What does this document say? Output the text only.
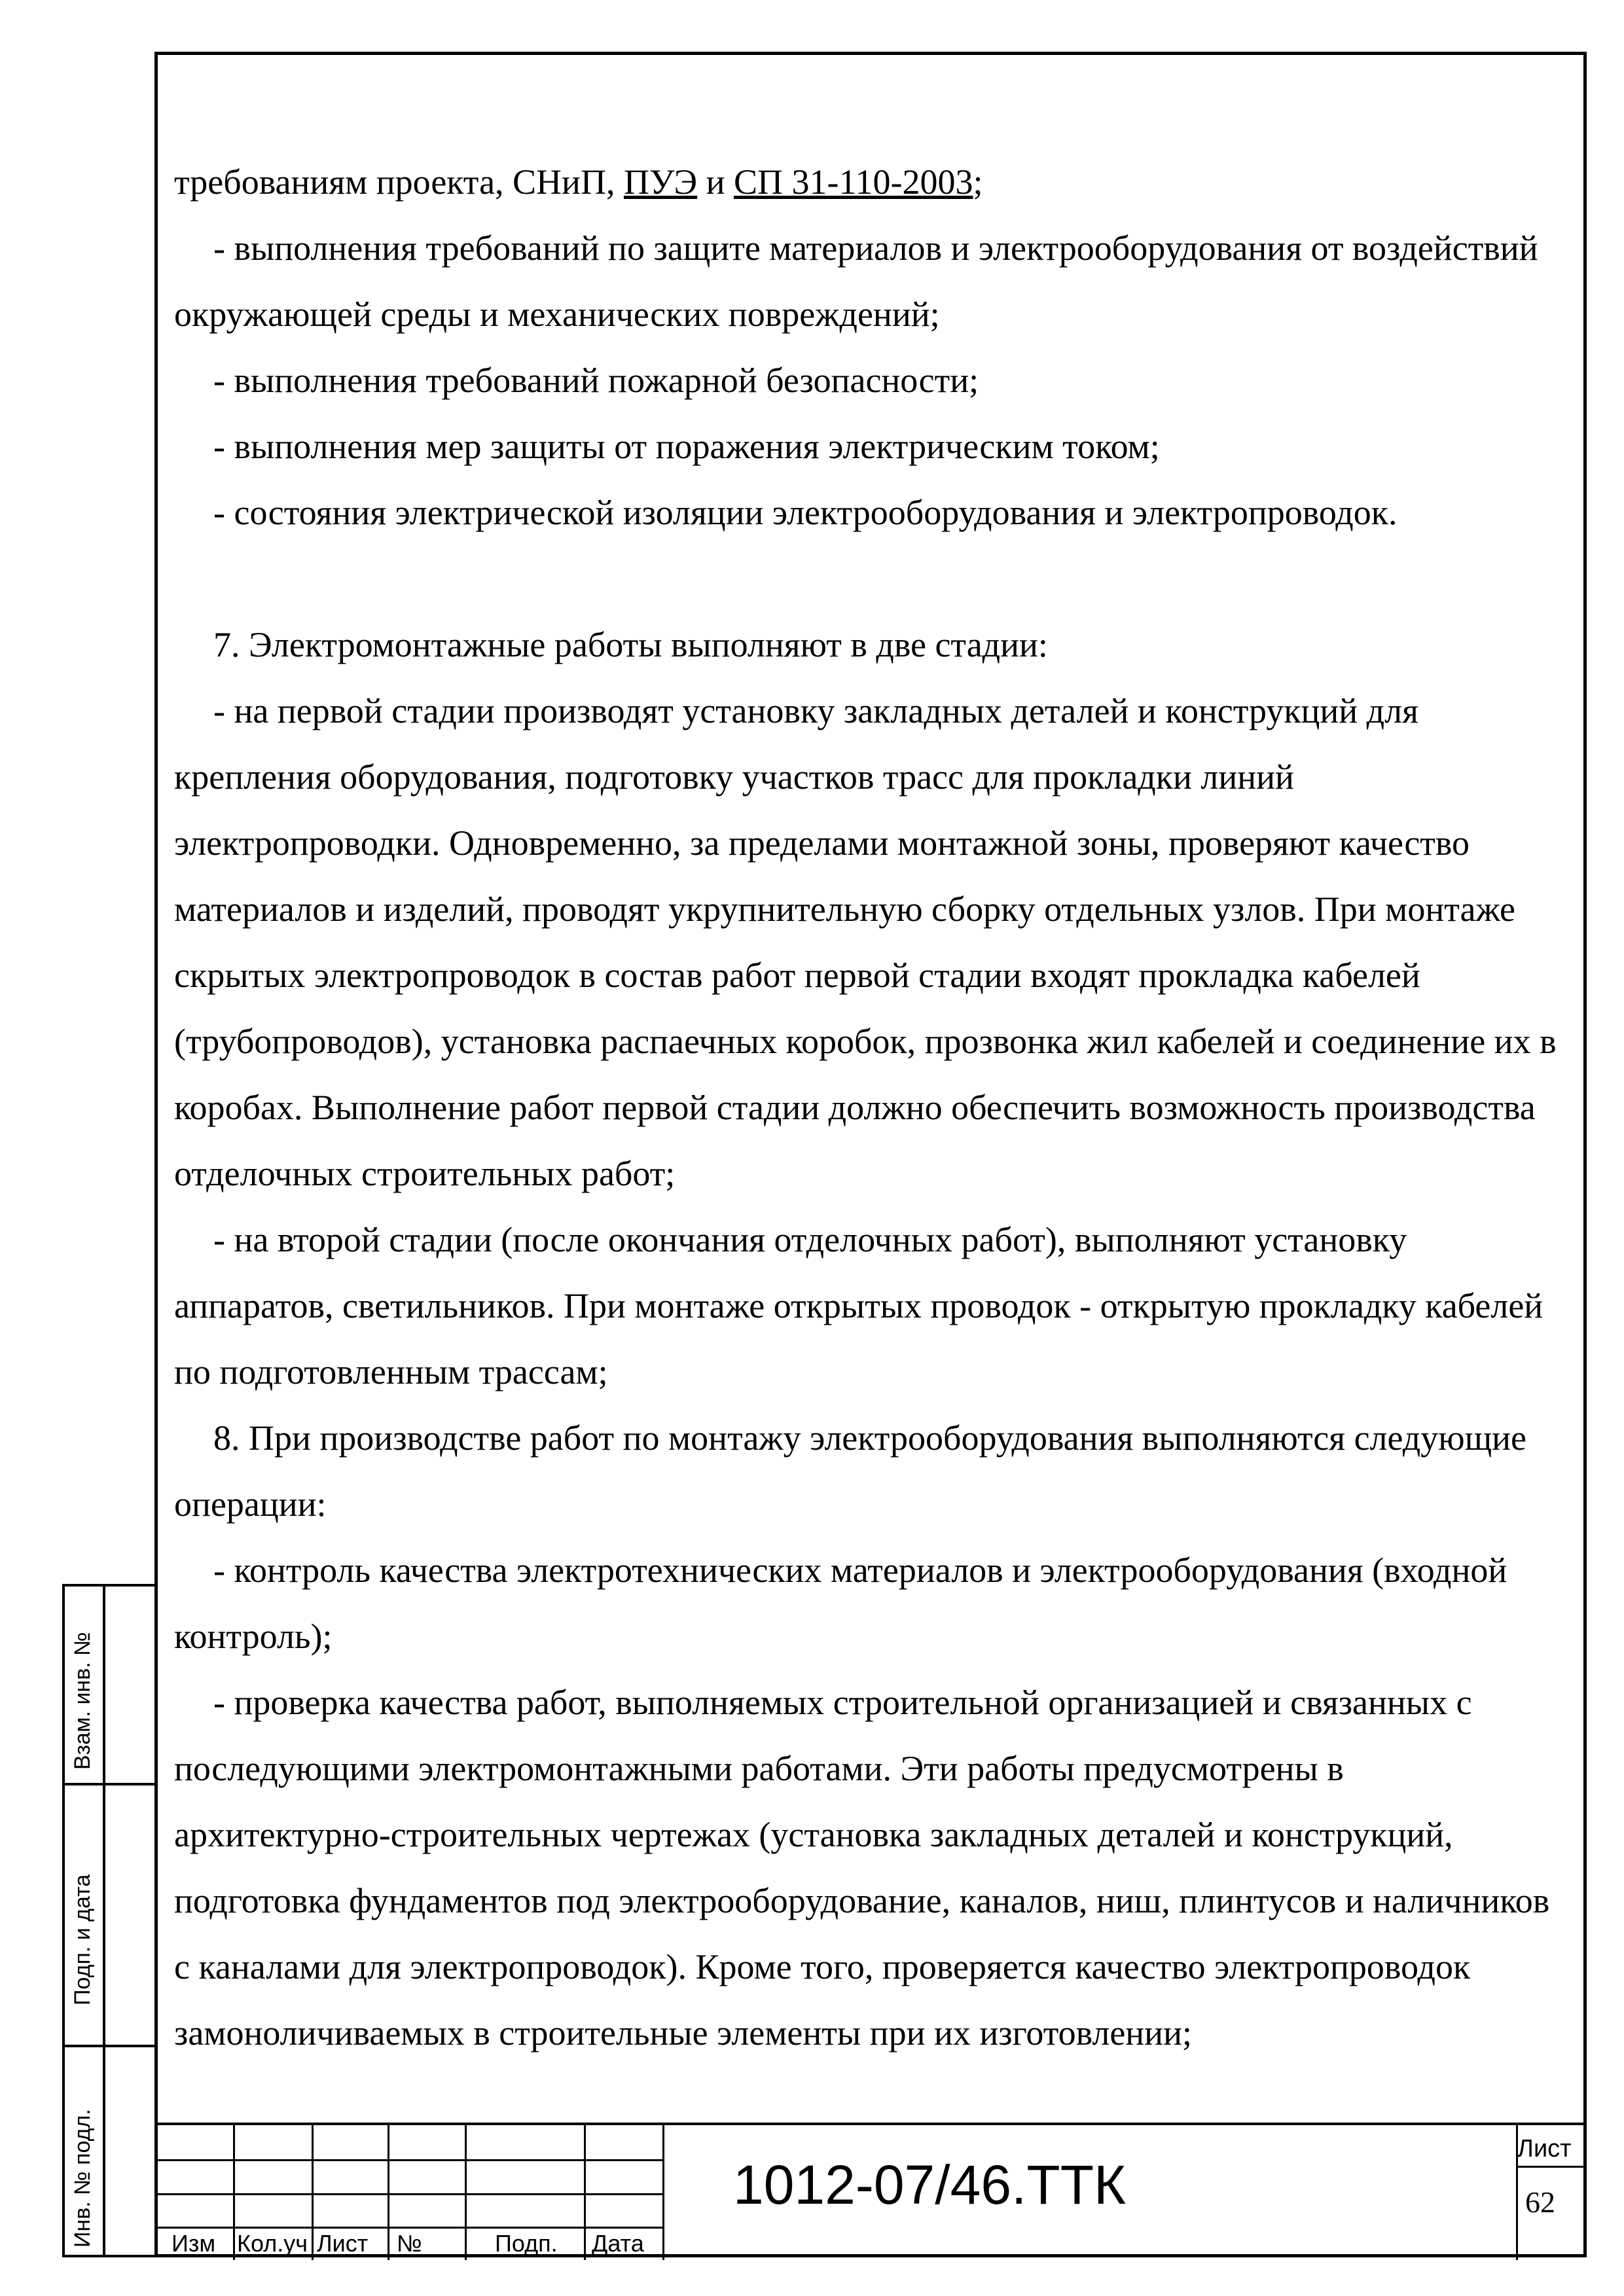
требованиям проекта, СНиП, ПУЭ и СП 31-110-2003;

- выполнения требований по защите материалов и электрооборудования от воздействий окружающей среды и механических повреждений;

- выполнения требований пожарной безопасности;

- выполнения мер защиты от поражения электрическим током;

- состояния электрической изоляции электрооборудования и электропроводок.

7. Электромонтажные работы выполняют в две стадии:

- на первой стадии производят установку закладных деталей и конструкций для крепления оборудования, подготовку участков трасс для прокладки линий электропроводки. Одновременно, за пределами монтажной зоны, проверяют качество материалов и изделий, проводят укрупнительную сборку отдельных узлов. При монтаже скрытых электропроводок в состав работ первой стадии входят прокладка кабелей (трубопроводов), установка распаечных коробок, прозвонка жил кабелей и соединение их в коробах. Выполнение работ первой стадии должно обеспечить возможность производства отделочных строительных работ;

- на второй стадии (после окончания отделочных работ), выполняют установку аппаратов, светильников. При монтаже открытых проводок - открытую прокладку кабелей по подготовленным трассам;

8. При производстве работ по монтажу электрооборудования выполняются следующие операции:

- контроль качества электротехнических материалов и электрооборудования (входной контроль);

- проверка качества работ, выполняемых строительной организацией и связанных с последующими электромонтажными работами. Эти работы предусмотрены в архитектурно-строительных чертежах (установка закладных деталей и конструкций, подготовка фундаментов под электрооборудование, каналов, ниш, плинтусов и наличников с каналами для электропроводок). Кроме того, проверяется качество электропроводок замоноличиваемых в строительные элементы при их изготовлении;

Взам. инв. №
Подп. и дата
Инв. № подл.	Изм Кол.уч Лист №	Подп. Дата
1012-07/46.ТТК
Лист
62
